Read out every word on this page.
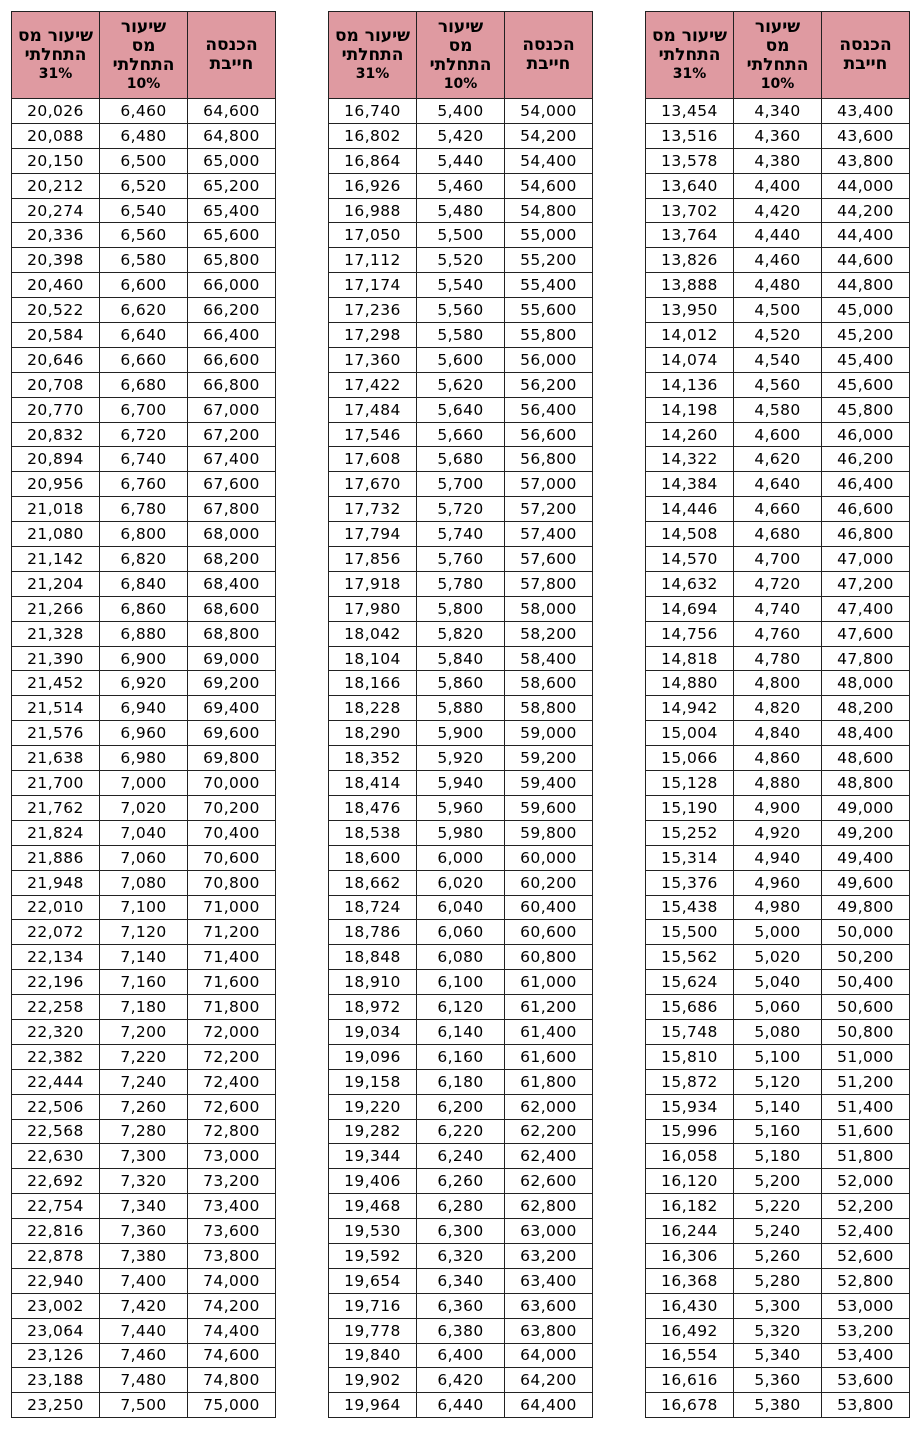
שיעור מס
התחלתי
31%	שיעור
מס
התחלתי
10%	הכנסה
חייבת

13,454	4,340	43,400
13,516	4,360	43,600
13,578	4,380	43,800
13,640	4,400	44,000
13,702	4,420	44,200
13,764	4,440	44,400
13,826	4,460	44,600
13,888	4,480	44,800
13,950	4,500	45,000
14,012	4,520	45,200
14,074	4,540	45,400
14,136	4,560	45,600
14,198	4,580	45,800
14,260	4,600	46,000
14,322	4,620	46,200
14,384	4,640	46,400
14,446	4,660	46,600
14,508	4,680	46,800
14,570	4,700	47,000
14,632	4,720	47,200
14,694	4,740	47,400
14,756	4,760	47,600
14,818	4,780	47,800
14,880	4,800	48,000
14,942	4,820	48,200
15,004	4,840	48,400
15,066	4,860	48,600
15,128	4,880	48,800
15,190	4,900	49,000
15,252	4,920	49,200
15,314	4,940	49,400
15,376	4,960	49,600
15,438	4,980	49,800
15,500	5,000	50,000
15,562	5,020	50,200
15,624	5,040	50,400
15,686	5,060	50,600
15,748	5,080	50,800
15,810	5,100	51,000
15,872	5,120	51,200
15,934	5,140	51,400
15,996	5,160	51,600
16,058	5,180	51,800
16,120	5,200	52,000
16,182	5,220	52,200
16,244	5,240	52,400
16,306	5,260	52,600
16,368	5,280	52,800
16,430	5,300	53,000
16,492	5,320	53,200
16,554	5,340	53,400
16,616	5,360	53,600
16,678	5,380	53,800
שיעור מס
התחלתי
31%	שיעור
מס
התחלתי
10%	הכנסה
חייבת

16,740	5,400	54,000
16,802	5,420	54,200
16,864	5,440	54,400
16,926	5,460	54,600
16,988	5,480	54,800
17,050	5,500	55,000
17,112	5,520	55,200
17,174	5,540	55,400
17,236	5,560	55,600
17,298	5,580	55,800
17,360	5,600	56,000
17,422	5,620	56,200
17,484	5,640	56,400
17,546	5,660	56,600
17,608	5,680	56,800
17,670	5,700	57,000
17,732	5,720	57,200
17,794	5,740	57,400
17,856	5,760	57,600
17,918	5,780	57,800
17,980	5,800	58,000
18,042	5,820	58,200
18,104	5,840	58,400
18,166	5,860	58,600
18,228	5,880	58,800
18,290	5,900	59,000
18,352	5,920	59,200
18,414	5,940	59,400
18,476	5,960	59,600
18,538	5,980	59,800
18,600	6,000	60,000
18,662	6,020	60,200
18,724	6,040	60,400
18,786	6,060	60,600
18,848	6,080	60,800
18,910	6,100	61,000
18,972	6,120	61,200
19,034	6,140	61,400
19,096	6,160	61,600
19,158	6,180	61,800
19,220	6,200	62,000
19,282	6,220	62,200
19,344	6,240	62,400
19,406	6,260	62,600
19,468	6,280	62,800
19,530	6,300	63,000
19,592	6,320	63,200
19,654	6,340	63,400
19,716	6,360	63,600
19,778	6,380	63,800
19,840	6,400	64,000
19,902	6,420	64,200
19,964	6,440	64,400
שיעור מס
התחלתי
31%	שיעור
מס
התחלתי
10%	הכנסה
חייבת

20,026	6,460	64,600
20,088	6,480	64,800
20,150	6,500	65,000
20,212	6,520	65,200
20,274	6,540	65,400
20,336	6,560	65,600
20,398	6,580	65,800
20,460	6,600	66,000
20,522	6,620	66,200
20,584	6,640	66,400
20,646	6,660	66,600
20,708	6,680	66,800
20,770	6,700	67,000
20,832	6,720	67,200
20,894	6,740	67,400
20,956	6,760	67,600
21,018	6,780	67,800
21,080	6,800	68,000
21,142	6,820	68,200
21,204	6,840	68,400
21,266	6,860	68,600
21,328	6,880	68,800
21,390	6,900	69,000
21,452	6,920	69,200
21,514	6,940	69,400
21,576	6,960	69,600
21,638	6,980	69,800
21,700	7,000	70,000
21,762	7,020	70,200
21,824	7,040	70,400
21,886	7,060	70,600
21,948	7,080	70,800
22,010	7,100	71,000
22,072	7,120	71,200
22,134	7,140	71,400
22,196	7,160	71,600
22,258	7,180	71,800
22,320	7,200	72,000
22,382	7,220	72,200
22,444	7,240	72,400
22,506	7,260	72,600
22,568	7,280	72,800
22,630	7,300	73,000
22,692	7,320	73,200
22,754	7,340	73,400
22,816	7,360	73,600
22,878	7,380	73,800
22,940	7,400	74,000
23,002	7,420	74,200
23,064	7,440	74,400
23,126	7,460	74,600
23,188	7,480	74,800
23,250	7,500	75,000
